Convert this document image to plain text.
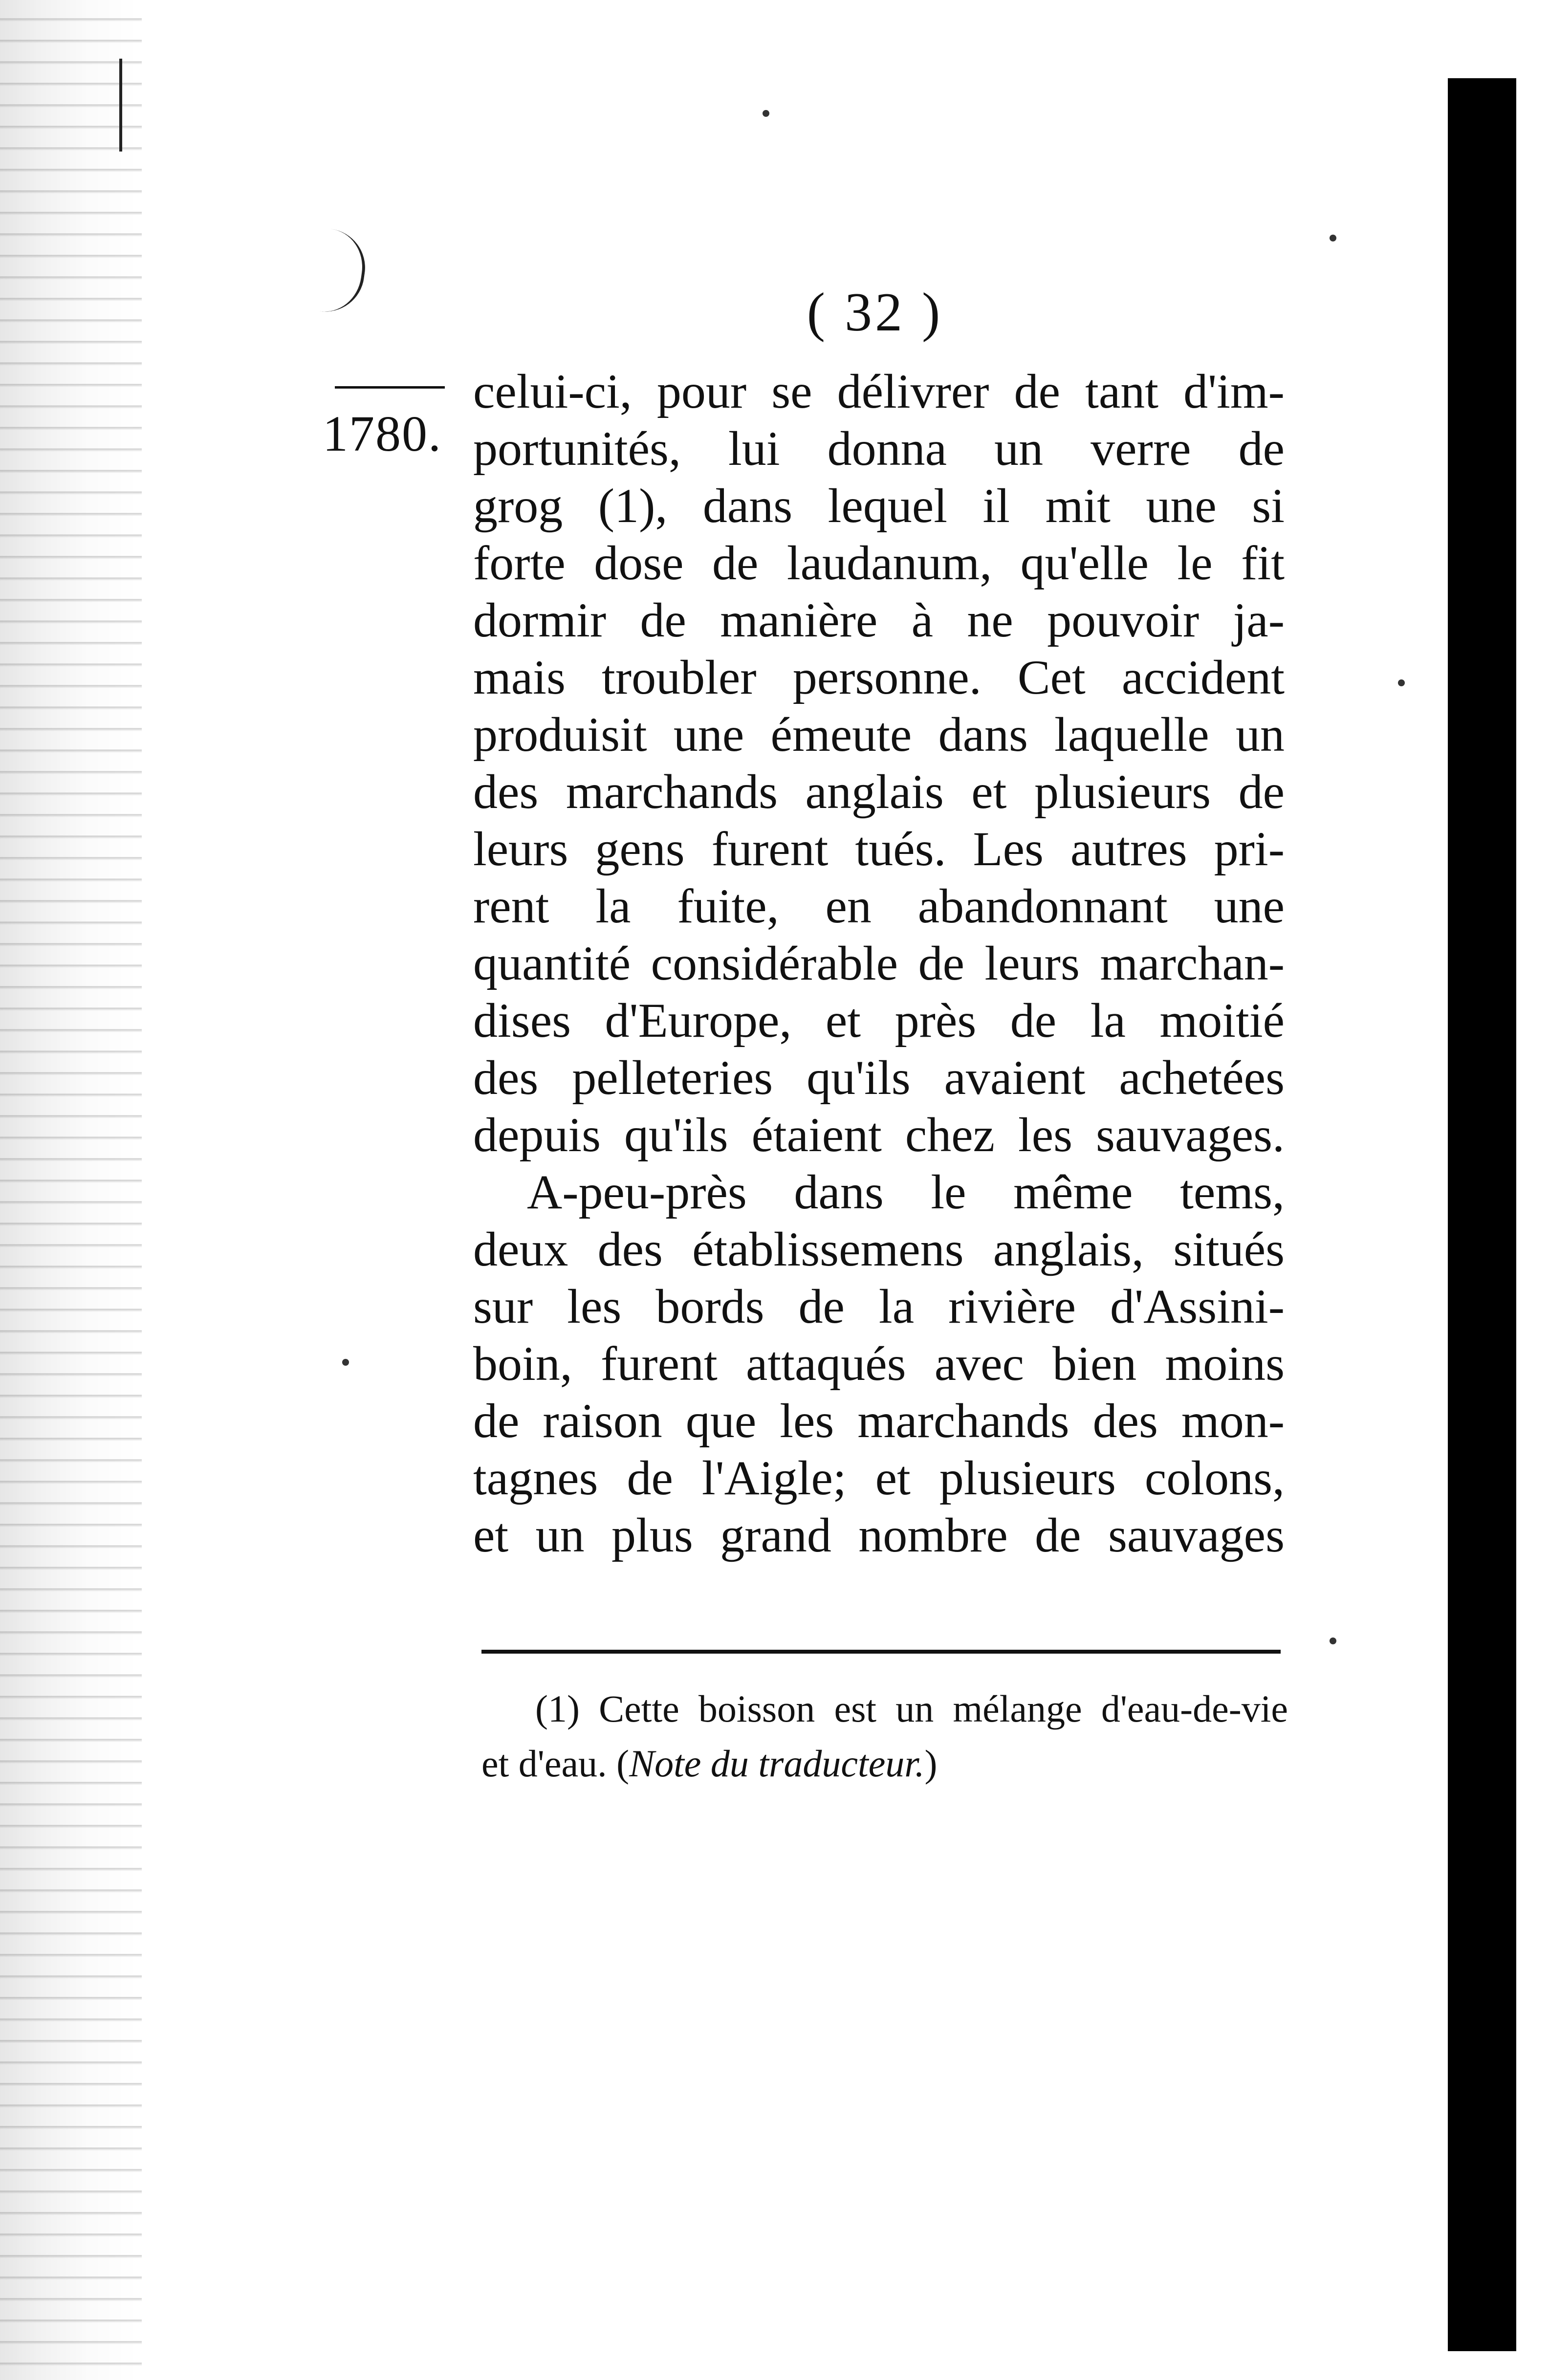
( 32 )
1780.
celui-ci, pour se délivrer de tant d'im-
portunités, lui donna un verre de
grog (1), dans lequel il mit une si
forte dose de laudanum, qu'elle le fit
dormir de manière à ne pouvoir ja-
mais troubler personne. Cet accident
produisit une émeute dans laquelle un
des marchands anglais et plusieurs de
leurs gens furent tués. Les autres pri-
rent la fuite, en abandonnant une
quantité considérable de leurs marchan-
dises d'Europe, et près de la moitié
des pelleteries qu'ils avaient achetées
depuis qu'ils étaient chez les sauvages.
A-peu-près dans le même tems,
deux des établissemens anglais, situés
sur les bords de la rivière d'Assini-
boin, furent attaqués avec bien moins
de raison que les marchands des mon-
tagnes de l'Aigle; et plusieurs colons,
et un plus grand nombre de sauvages
(1) Cette boisson est un mélange d'eau-de-vie
et d'eau. (Note du traducteur.)
